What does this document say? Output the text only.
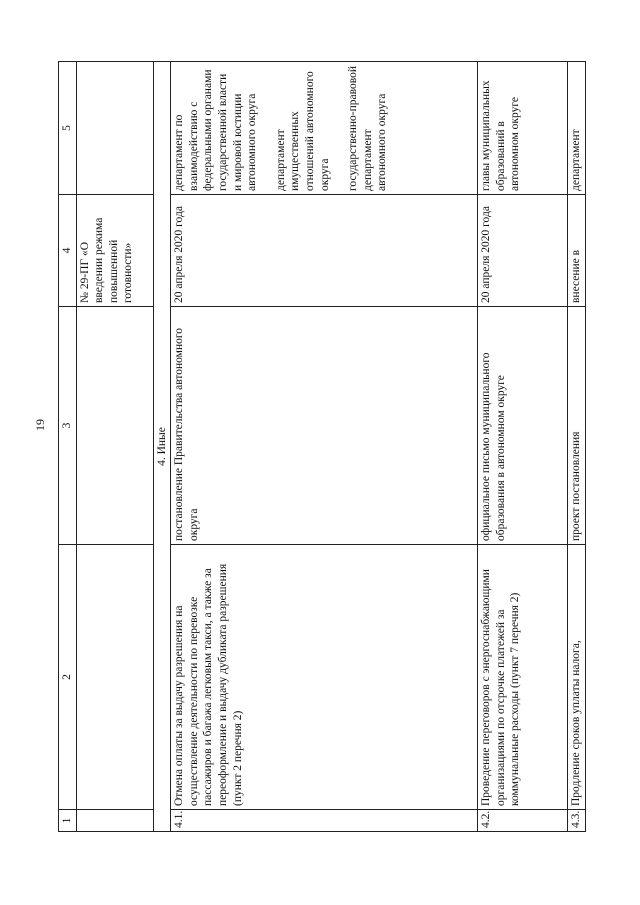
19
1	2	3	4	5
			№ 29-ПГ «О введении режима повышенной готовности»	
4. Иные				
4.1.	Отмена оплаты за выдачу разрешения на осуществление деятельности по перевозке пассажиров и багажа легковым такси, а также за переоформление и выдачу дубликата разрешения (пункт 2 перечня 2)	постановление Правительства автономного округа	20 апреля 2020 года	департамент по взаимодействию с федеральными органами государственной власти и мировой юстиции автономного округа департамент имущественных отношений автономного округа государственно-правовой департамент автономного округа

4.2.	Проведение переговоров с энергоснабжающими организациями по отсрочке платежей за коммунальные расходы (пункт 7 перечня 2)	официальное письмо муниципального образования в автономном округе	20 апреля 2020 года	главы муниципальных образований в автономном округе

4.3.	Продление сроков уплаты налога,	проект постановления	внесение в	департамент
